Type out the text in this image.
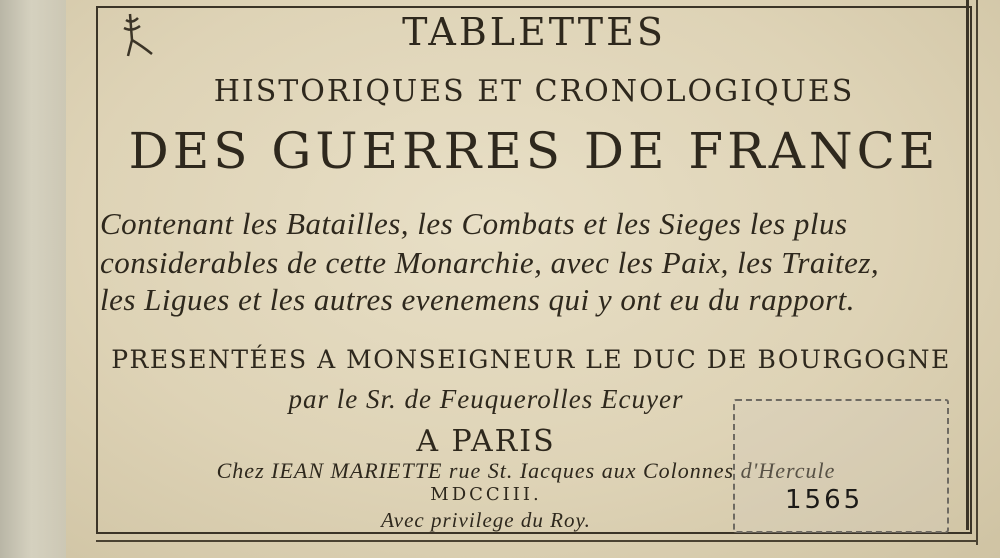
TABLETTES
HISTORIQUES ET CRONOLOGIQUES
DES GUERRES DE FRANCE
Contenant les Batailles, les Combats et les Sieges les plus
considerables de cette Monarchie, avec les Paix, les Traitez,
les Ligues et les autres evenemens qui y ont eu du rapport.
PRESENTÉES A MONSEIGNEUR LE DUC DE BOURGOGNE
par le Sr. de Feuquerolles Ecuyer
A PARIS
Chez IEAN MARIETTE rue St. Iacques aux Colonnes d'Hercule
MDCCIII.
Avec privilege du Roy.
1565
